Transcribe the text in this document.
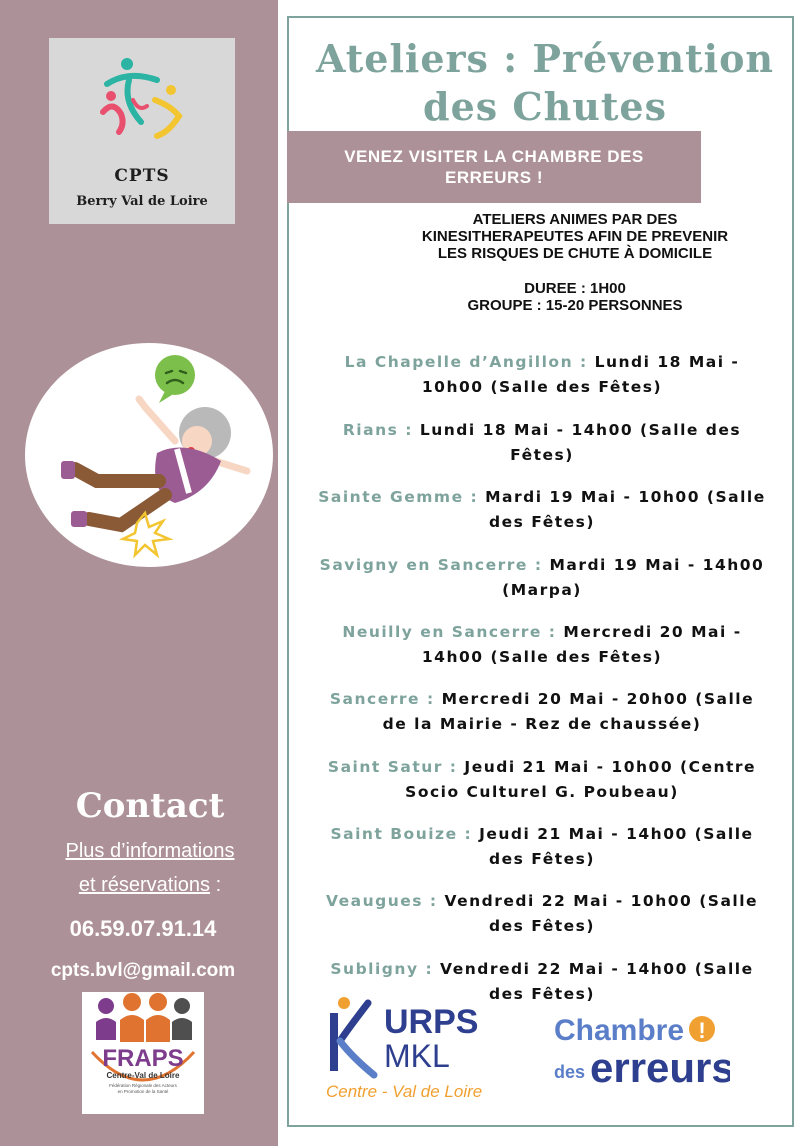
CPTS
Berry Val de Loire
Contact
Plus d’informations
et réservations :
06.59.07.91.14
cpts.bvl@gmail.com
FRAPS
Centre-Val de Loire
Fédération Régionale des Acteurs
en Promotion de la Santé
Ateliers : Prévention
des Chutes
VENEZ VISITER LA CHAMBRE DES
ERREURS !
ATELIERS ANIMES PAR DES
KINESITHERAPEUTES AFIN DE PREVENIR
LES RISQUES DE CHUTE À DOMICILE
DUREE : 1H00
GROUPE : 15-20 PERSONNES
La Chapelle d’Angillon : Lundi 18 Mai -
10h00 (Salle des Fêtes)
Rians : Lundi 18 Mai - 14h00 (Salle des
Fêtes)
Sainte Gemme : Mardi 19 Mai - 10h00 (Salle
des Fêtes)
Savigny en Sancerre : Mardi 19 Mai - 14h00
(Marpa)
Neuilly en Sancerre : Mercredi 20 Mai -
14h00 (Salle des Fêtes)
Sancerre : Mercredi 20 Mai - 20h00 (Salle
de la Mairie - Rez de chaussée)
Saint Satur : Jeudi 21 Mai - 10h00 (Centre
Socio Culturel G. Poubeau)
Saint Bouize : Jeudi 21 Mai - 14h00 (Salle
des Fêtes)
Veaugues : Vendredi 22 Mai - 10h00 (Salle
des Fêtes)
Subligny : Vendredi 22 Mai - 14h00 (Salle
des Fêtes)
URPS
MKL
Centre - Val de Loire
Chambre !
des erreurs
